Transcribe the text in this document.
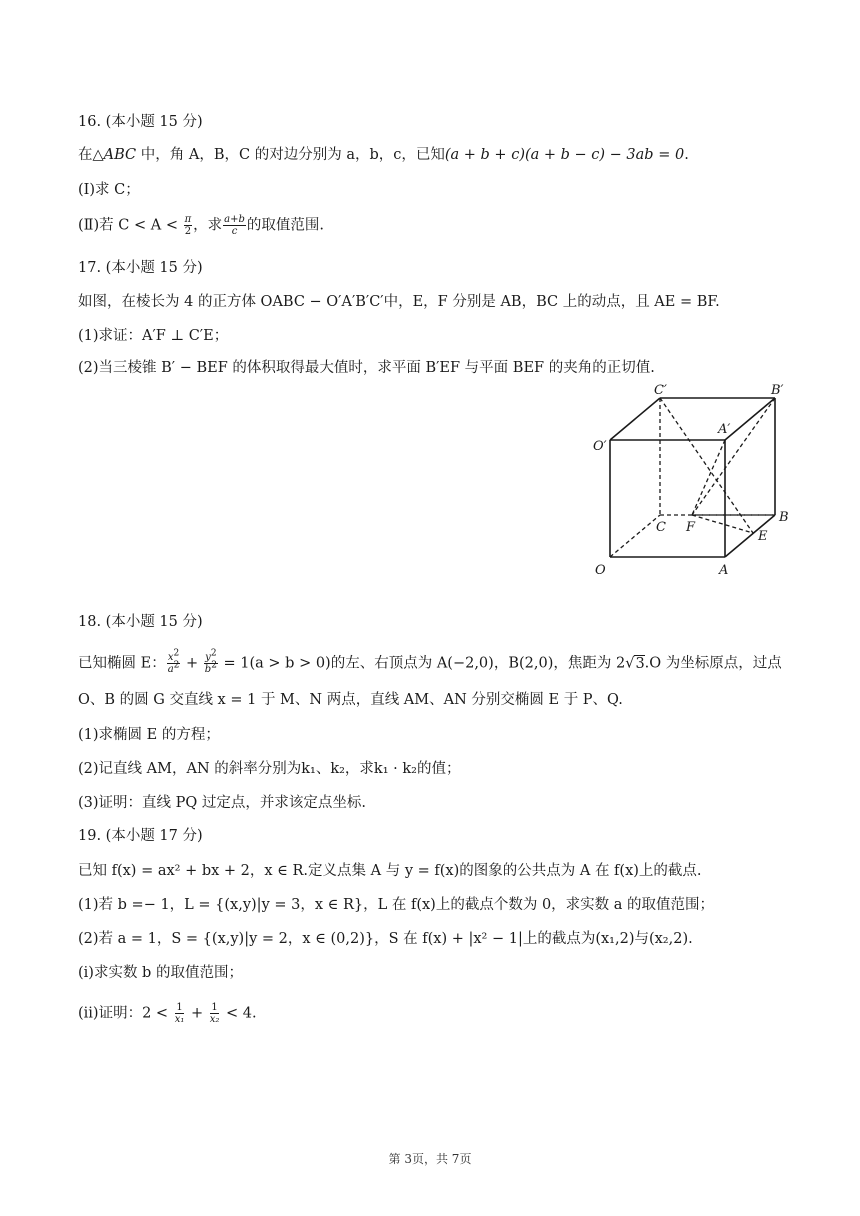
16. (本小题 15 分)
在△ABC 中，角 A，B，C 的对边分别为 a，b，c，已知(a + b + c)(a + b − c) − 3ab = 0.
(Ⅰ)求 C；
(Ⅱ)若 $C < A < \frac{\pi}{2}$ ，求 $\frac{a+b}{c}$ 的取值范围.
17. (本小题 15 分)
如图，在棱长为 4 的正方体 OABC − O′A′B′C′中，E，F 分别是 AB，BC 上的动点，且 AE = BF.
(1)求证：A′F ⊥ C′E；
(2)当三棱锥 B′ − BEF 的体积取得最大值时，求平面 B′EF 与平面 BEF 的夹角的正切值.
C′	B′
A′
O′
C F
B
E
O	A
18. (本小题 15 分)
已知椭圆 E： $\frac{x^2}{a^2} + \frac{y^2}{b^2} = 1(a > b > 0)$的左、右顶点为 A(−2,0)，B(2,0)，焦距为 2√3.O 为坐标原点，过点
O、B 的圆 G 交直线 x = 1 于 M、N 两点，直线 AM、AN 分别交椭圆 E 于 P、Q.
(1)求椭圆 E 的方程；
(2)记直线 AM，AN 的斜率分别为k₁、k₂，求k₁ · k₂的值；
(3)证明：直线 PQ 过定点，并求该定点坐标.
19. (本小题 17 分)
已知 f(x) = ax² + bx + 2，x ∈ R.定义点集 A 与 y = f(x)的图象的公共点为 A 在 f(x)上的截点.
(1)若 b =− 1，L = {(x,y)|y = 3，x ∈ R}，L 在 f(x)上的截点个数为 0，求实数 a 的取值范围；
(2)若 a = 1，S = {(x,y)|y = 2，x ∈ (0,2)}，S 在 f(x) + |x² − 1|上的截点为(x₁,2)与(x₂,2).
(ⅰ)求实数 b 的取值范围；
(ⅱ)证明：$2 < \frac{1}{\text{x₁}} + \frac{1}{\text{x₂}} < 4$.
第 3页，共 7页
